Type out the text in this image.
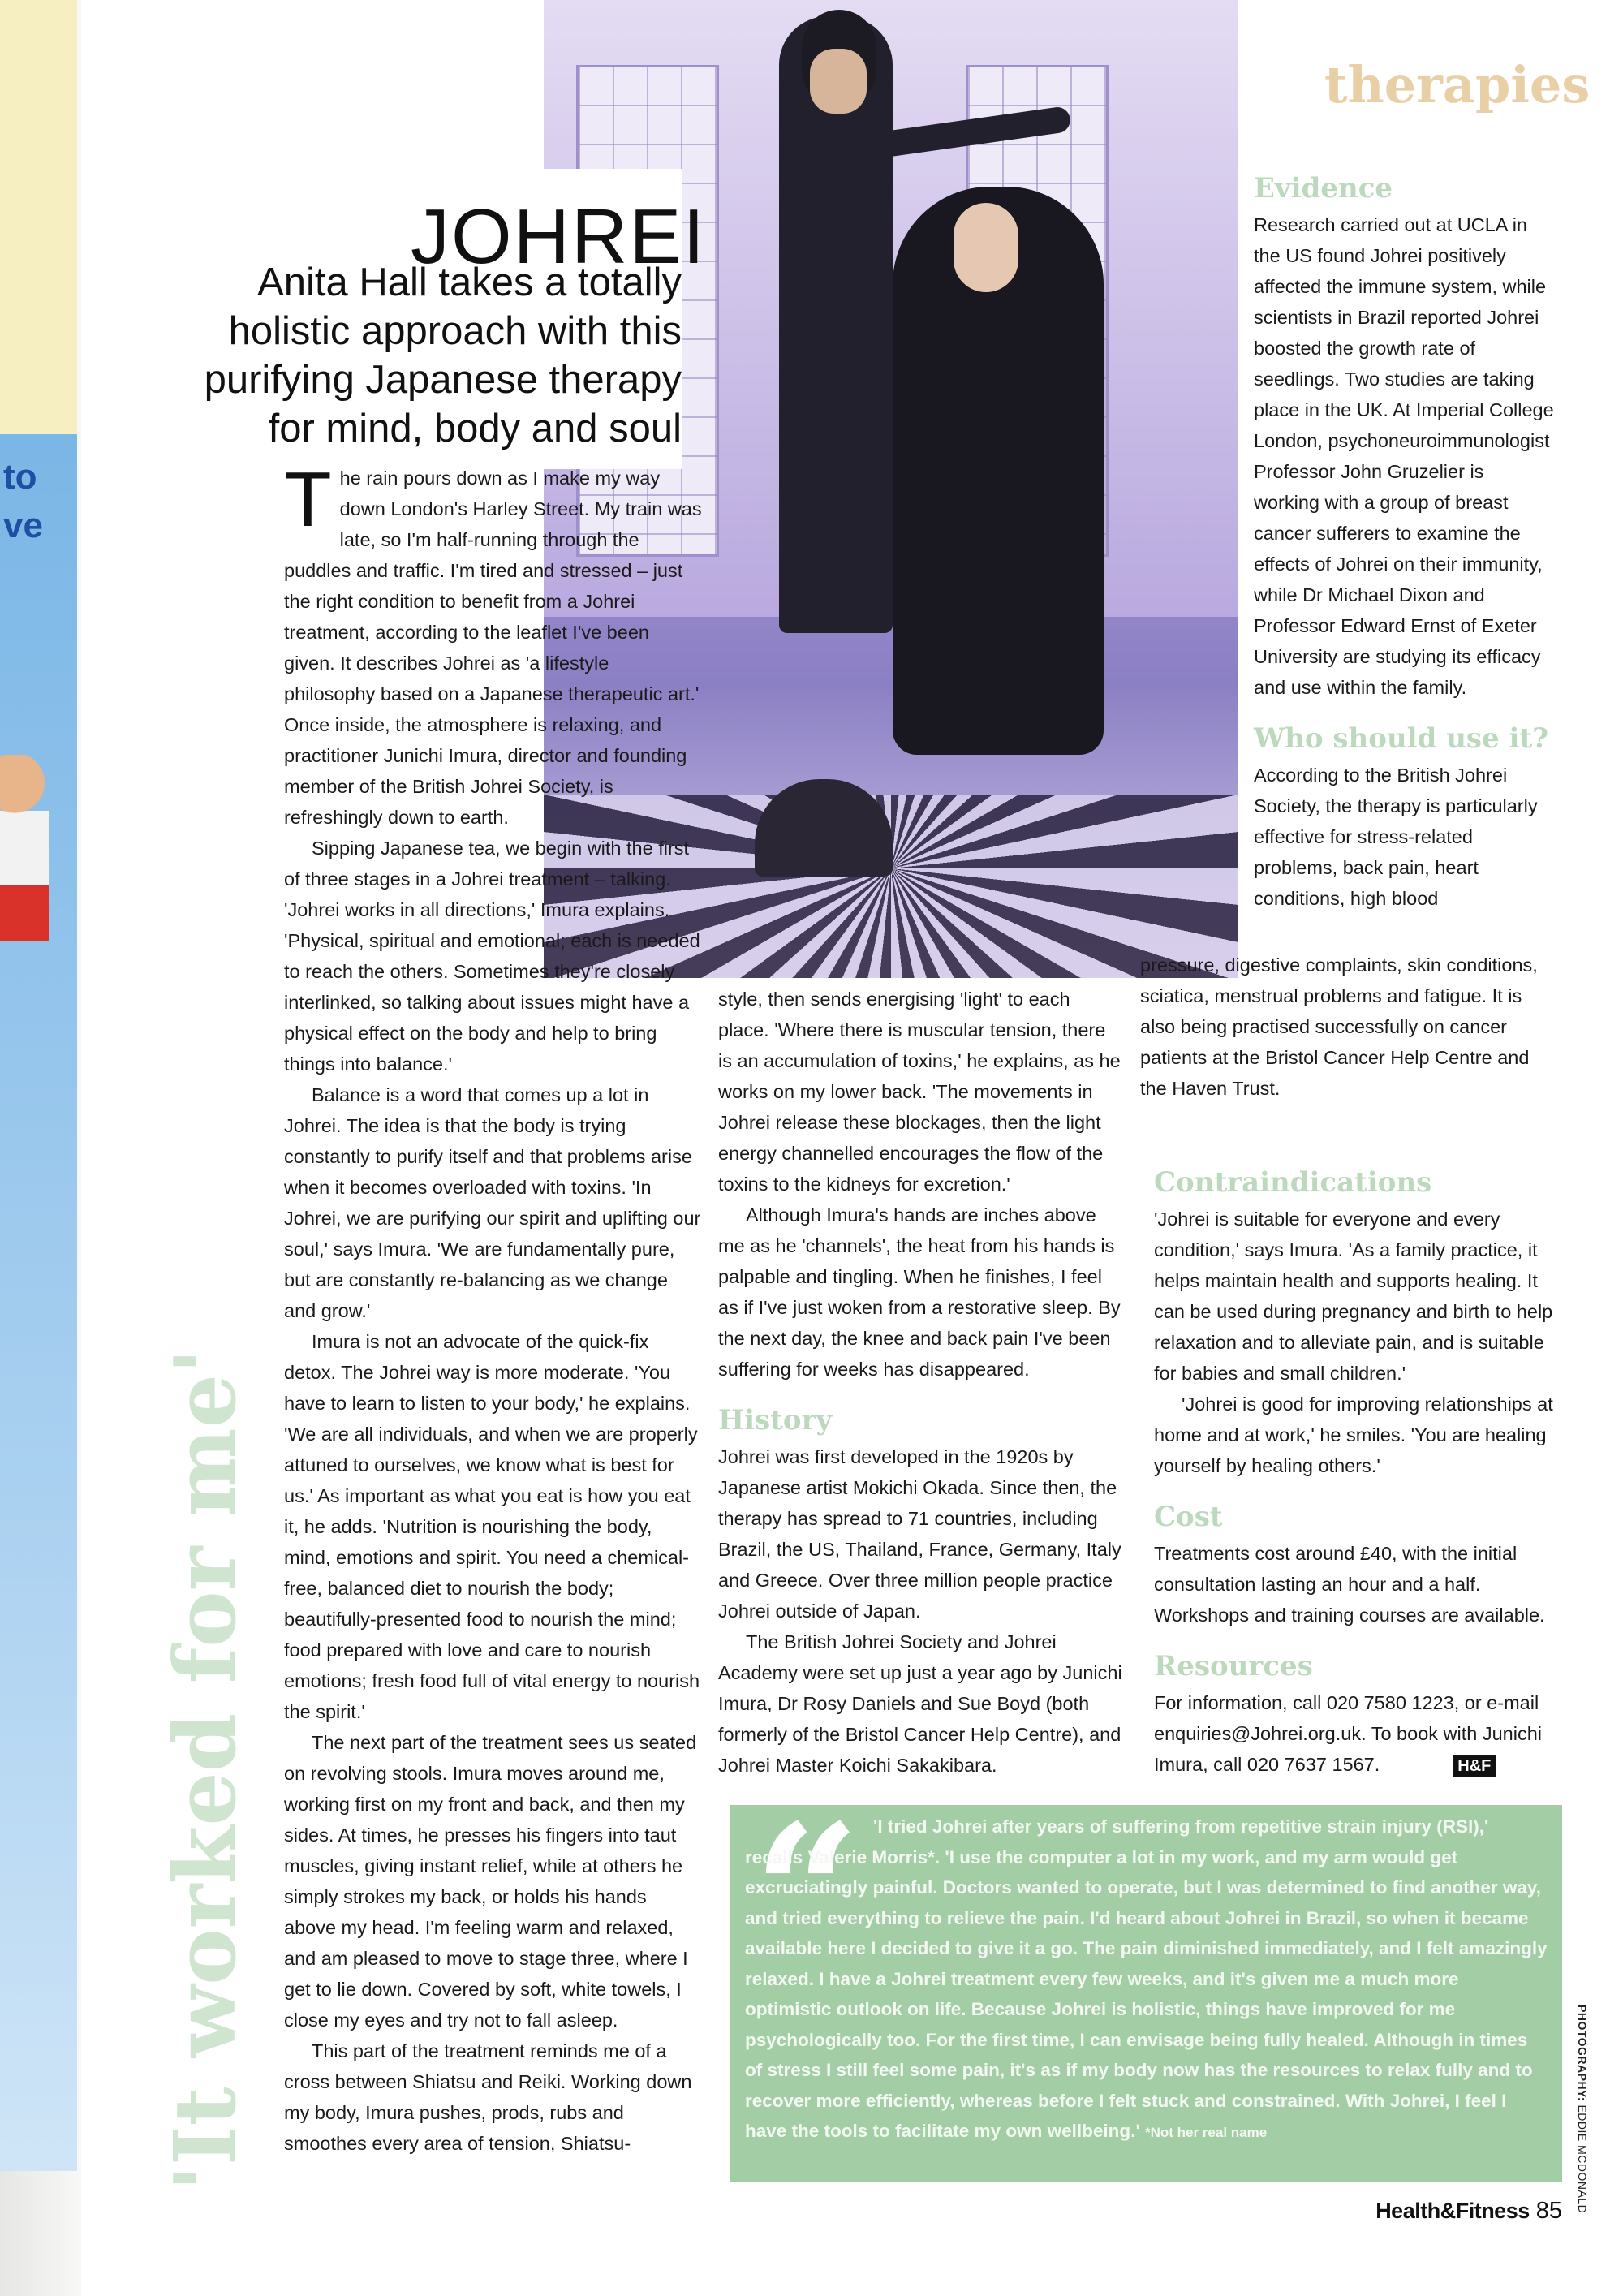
to
ve
JOHREI

Anita Hall takes a totally holistic approach with this purifying Japanese therapy for mind, body and soul

therapies
'It worked for me'

The rain pours down as I make my way down London's Harley Street. My train was late, so I'm half-running through the puddles and traffic. I'm tired and stressed – just the right condition to benefit from a Johrei treatment, according to the leaflet I've been given. It describes Johrei as 'a lifestyle philosophy based on a Japanese therapeutic art.' Once inside, the atmosphere is relaxing, and practitioner Junichi Imura, director and founding member of the British Johrei Society, is refreshingly down to earth.

Sipping Japanese tea, we begin with the first of three stages in a Johrei treatment – talking. 'Johrei works in all directions,' Imura explains. 'Physical, spiritual and emotional; each is needed to reach the others. Sometimes they're closely interlinked, so talking about issues might have a physical effect on the body and help to bring things into balance.'

Balance is a word that comes up a lot in Johrei. The idea is that the body is trying constantly to purify itself and that problems arise when it becomes overloaded with toxins. 'In Johrei, we are purifying our spirit and uplifting our soul,' says Imura. 'We are fundamentally pure, but are constantly re-balancing as we change and grow.'

Imura is not an advocate of the quick-fix detox. The Johrei way is more moderate. 'You have to learn to listen to your body,' he explains. 'We are all individuals, and when we are properly attuned to ourselves, we know what is best for us.' As important as what you eat is how you eat it, he adds. 'Nutrition is nourishing the body, mind, emotions and spirit. You need a chemical-free, balanced diet to nourish the body; beautifully-presented food to nourish the mind; food prepared with love and care to nourish emotions; fresh food full of vital energy to nourish the spirit.'

The next part of the treatment sees us seated on revolving stools. Imura moves around me, working first on my front and back, and then my sides. At times, he presses his fingers into taut muscles, giving instant relief, while at others he simply strokes my back, or holds his hands above my head. I'm feeling warm and relaxed, and am pleased to move to stage three, where I get to lie down. Covered by soft, white towels, I close my eyes and try not to fall asleep.

This part of the treatment reminds me of a cross between Shiatsu and Reiki. Working down my body, Imura pushes, prods, rubs and smoothes every area of tension, Shiatsu-

style, then sends energising 'light' to each place. 'Where there is muscular tension, there is an accumulation of toxins,' he explains, as he works on my lower back. 'The movements in Johrei release these blockages, then the light energy channelled encourages the flow of the toxins to the kidneys for excretion.'

Although Imura's hands are inches above me as he 'channels', the heat from his hands is palpable and tingling. When he finishes, I feel as if I've just woken from a restorative sleep. By the next day, the knee and back pain I've been suffering for weeks has disappeared.

History

Johrei was first developed in the 1920s by Japanese artist Mokichi Okada. Since then, the therapy has spread to 71 countries, including Brazil, the US, Thailand, France, Germany, Italy and Greece. Over three million people practice Johrei outside of Japan.

The British Johrei Society and Johrei Academy were set up just a year ago by Junichi Imura, Dr Rosy Daniels and Sue Boyd (both formerly of the Bristol Cancer Help Centre), and Johrei Master Koichi Sakakibara.

Evidence

Research carried out at UCLA in the US found Johrei positively affected the immune system, while scientists in Brazil reported Johrei boosted the growth rate of seedlings. Two studies are taking place in the UK. At Imperial College London, psychoneuroimmunologist Professor John Gruzelier is working with a group of breast cancer sufferers to examine the effects of Johrei on their immunity, while Dr Michael Dixon and Professor Edward Ernst of Exeter University are studying its efficacy and use within the family.

Who should use it?

According to the British Johrei Society, the therapy is particularly effective for stress-related problems, back pain, heart conditions, high blood

pressure, digestive complaints, skin conditions, sciatica, menstrual problems and fatigue. It is also being practised successfully on cancer patients at the Bristol Cancer Help Centre and the Haven Trust.

Contraindications

'Johrei is suitable for everyone and every condition,' says Imura. 'As a family practice, it helps maintain health and supports healing. It can be used during pregnancy and birth to help relaxation and to alleviate pain, and is suitable for babies and small children.'

'Johrei is good for improving relationships at home and at work,' he smiles. 'You are healing yourself by healing others.'

Cost

Treatments cost around £40, with the initial consultation lasting an hour and a half. Workshops and training courses are available.

Resources

For information, call 020 7580 1223, or e-mail enquiries@Johrei.org.uk. To book with Junichi Imura, call 020 7637 1567.	H&F

“ 'I tried Johrei after years of suffering from repetitive strain injury (RSI),' recalls Valerie Morris*. 'I use the computer a lot in my work, and my arm would get excruciatingly painful. Doctors wanted to operate, but I was determined to find another way, and tried everything to relieve the pain. I'd heard about Johrei in Brazil, so when it became available here I decided to give it a go. The pain diminished immediately, and I felt amazingly relaxed. I have a Johrei treatment every few weeks, and it's given me a much more optimistic outlook on life. Because Johrei is holistic, things have improved for me psychologically too. For the first time, I can envisage being fully healed. Although in times of stress I still feel some pain, it's as if my body now has the resources to relax fully and to recover more efficiently, whereas before I felt stuck and constrained. With Johrei, I feel I have the tools to facilitate my own wellbeing.' *Not her real name

PHOTOGRAPHY: EDDIE MCDONALD
Health&Fitness 85
